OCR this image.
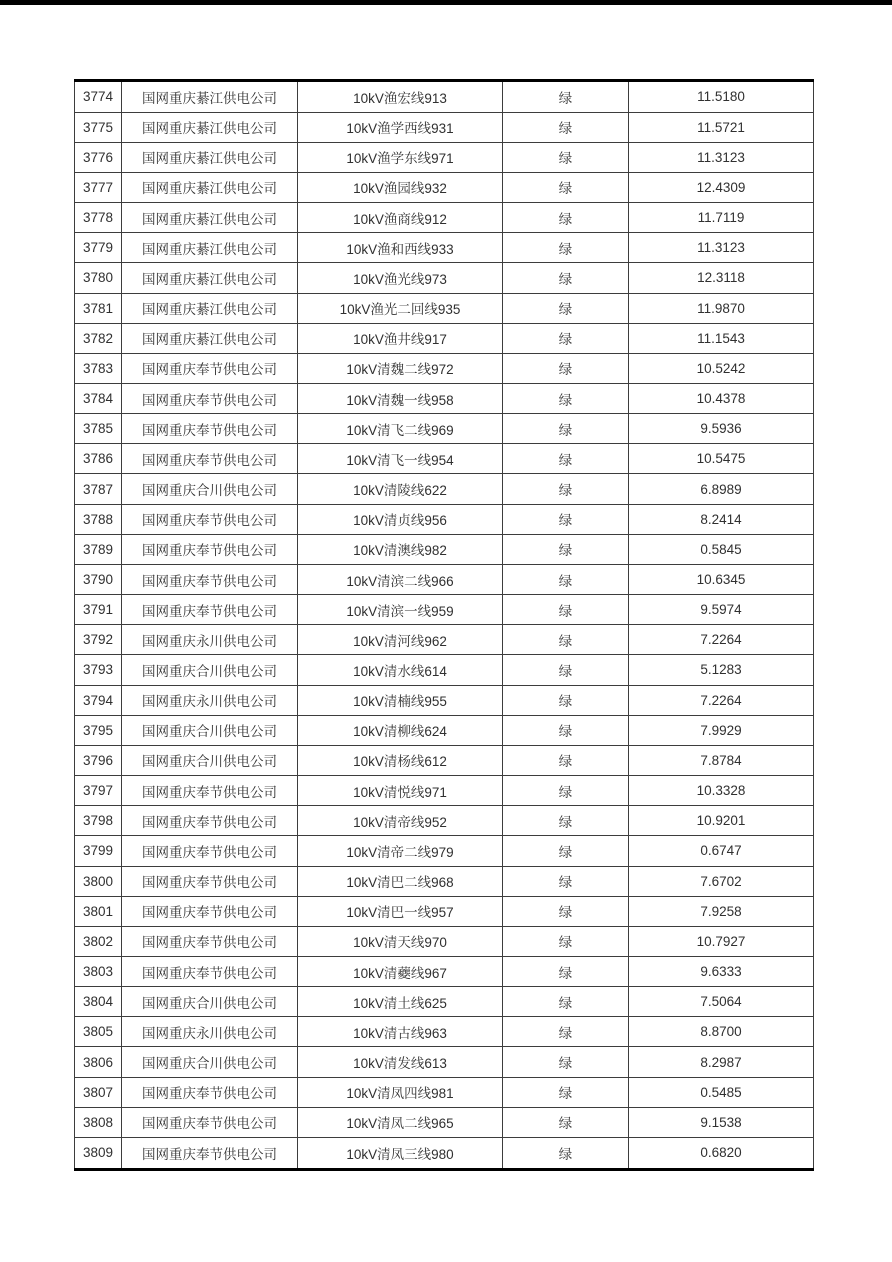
3774	国网重庆綦江供电公司	10kV渔宏线913	绿	11.5180
3775	国网重庆綦江供电公司	10kV渔学西线931	绿	11.5721
3776	国网重庆綦江供电公司	10kV渔学东线971	绿	11.3123
3777	国网重庆綦江供电公司	10kV渔园线932	绿	12.4309
3778	国网重庆綦江供电公司	10kV渔商线912	绿	11.7119
3779	国网重庆綦江供电公司	10kV渔和西线933	绿	11.3123
3780	国网重庆綦江供电公司	10kV渔光线973	绿	12.3118
3781	国网重庆綦江供电公司	10kV渔光二回线935	绿	11.9870
3782	国网重庆綦江供电公司	10kV渔井线917	绿	11.1543
3783	国网重庆奉节供电公司	10kV清魏二线972	绿	10.5242
3784	国网重庆奉节供电公司	10kV清魏一线958	绿	10.4378
3785	国网重庆奉节供电公司	10kV清飞二线969	绿	9.5936
3786	国网重庆奉节供电公司	10kV清飞一线954	绿	10.5475
3787	国网重庆合川供电公司	10kV清陵线622	绿	6.8989
3788	国网重庆奉节供电公司	10kV清贞线956	绿	8.2414
3789	国网重庆奉节供电公司	10kV清澳线982	绿	0.5845
3790	国网重庆奉节供电公司	10kV清滨二线966	绿	10.6345
3791	国网重庆奉节供电公司	10kV清滨一线959	绿	9.5974
3792	国网重庆永川供电公司	10kV清河线962	绿	7.2264
3793	国网重庆合川供电公司	10kV清水线614	绿	5.1283
3794	国网重庆永川供电公司	10kV清楠线955	绿	7.2264
3795	国网重庆合川供电公司	10kV清柳线624	绿	7.9929
3796	国网重庆合川供电公司	10kV清杨线612	绿	7.8784
3797	国网重庆奉节供电公司	10kV清悦线971	绿	10.3328
3798	国网重庆奉节供电公司	10kV清帝线952	绿	10.9201
3799	国网重庆奉节供电公司	10kV清帝二线979	绿	0.6747
3800	国网重庆奉节供电公司	10kV清巴二线968	绿	7.6702
3801	国网重庆奉节供电公司	10kV清巴一线957	绿	7.9258
3802	国网重庆奉节供电公司	10kV清天线970	绿	10.7927
3803	国网重庆奉节供电公司	10kV清蘷线967	绿	9.6333
3804	国网重庆合川供电公司	10kV清土线625	绿	7.5064
3805	国网重庆永川供电公司	10kV清古线963	绿	8.8700
3806	国网重庆合川供电公司	10kV清发线613	绿	8.2987
3807	国网重庆奉节供电公司	10kV清凤四线981	绿	0.5485
3808	国网重庆奉节供电公司	10kV清凤二线965	绿	9.1538
3809	国网重庆奉节供电公司	10kV清凤三线980	绿	0.6820
